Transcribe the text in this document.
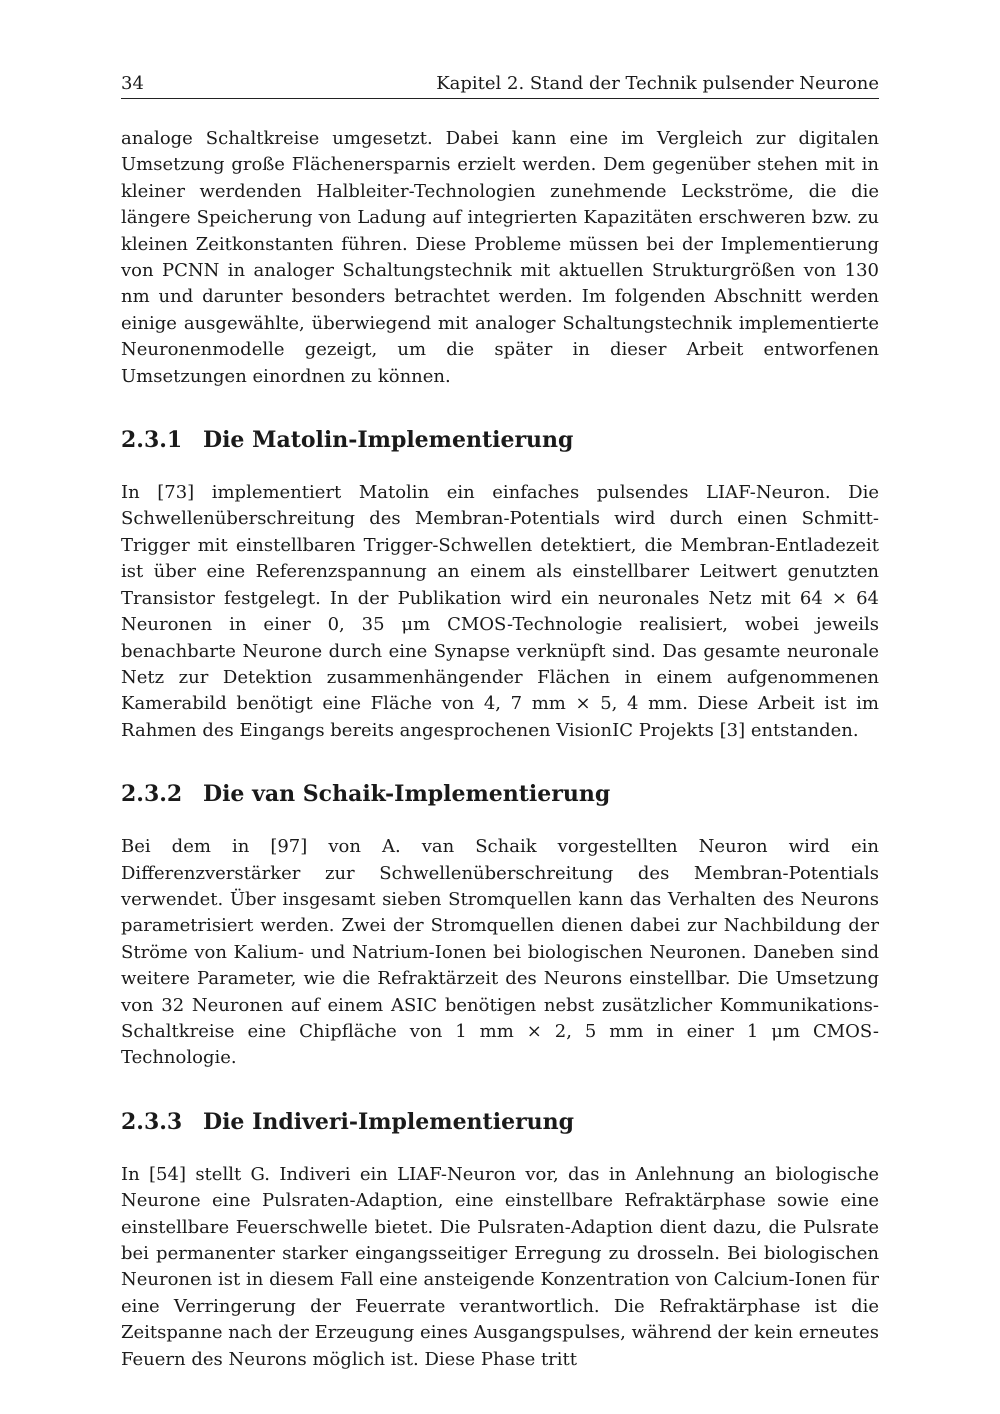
34	Kapitel 2. Stand der Technik pulsender Neurone

analoge Schaltkreise umgesetzt. Dabei kann eine im Vergleich zur digitalen Umsetzung große Flächenersparnis erzielt werden. Dem gegenüber stehen mit in kleiner werdenden Halbleiter-Technologien zunehmende Leckströme, die die längere Speicherung von Ladung auf integrierten Kapazitäten erschweren bzw. zu kleinen Zeitkonstanten führen. Diese Probleme müssen bei der Implementierung von PCNN in analoger Schaltungstechnik mit aktuellen Strukturgrößen von 130 nm und darunter besonders betrachtet werden. Im folgenden Abschnitt werden einige ausgewählte, überwiegend mit analoger Schaltungstechnik implementierte Neuronenmodelle gezeigt, um die später in dieser Arbeit entworfenen Umsetzungen einordnen zu können.

2.3.1 Die Matolin-Implementierung

In [73] implementiert Matolin ein einfaches pulsendes LIAF-Neuron. Die Schwellenüberschreitung des Membran-Potentials wird durch einen Schmitt-Trigger mit einstellbaren Trigger-Schwellen detektiert, die Membran-Entladezeit ist über eine Referenzspannung an einem als einstellbarer Leitwert genutzten Transistor festgelegt. In der Publikation wird ein neuronales Netz mit 64 × 64 Neuronen in einer 0, 35 μm CMOS-Technologie realisiert, wobei jeweils benachbarte Neurone durch eine Synapse verknüpft sind. Das gesamte neuronale Netz zur Detektion zusammenhängender Flächen in einem aufgenommenen Kamerabild benötigt eine Fläche von 4, 7 mm × 5, 4 mm. Diese Arbeit ist im Rahmen des Eingangs bereits angesprochenen VisionIC Projekts [3] entstanden.

2.3.2 Die van Schaik-Implementierung

Bei dem in [97] von A. van Schaik vorgestellten Neuron wird ein Differenzverstärker zur Schwellenüberschreitung des Membran-Potentials verwendet. Über insgesamt sieben Stromquellen kann das Verhalten des Neurons parametrisiert werden. Zwei der Stromquellen dienen dabei zur Nachbildung der Ströme von Kalium- und Natrium-Ionen bei biologischen Neuronen. Daneben sind weitere Parameter, wie die Refraktärzeit des Neurons einstellbar. Die Umsetzung von 32 Neuronen auf einem ASIC benötigen nebst zusätzlicher Kommunikations-Schaltkreise eine Chipfläche von 1 mm × 2, 5 mm in einer 1 μm CMOS-Technologie.

2.3.3 Die Indiveri-Implementierung

In [54] stellt G. Indiveri ein LIAF-Neuron vor, das in Anlehnung an biologische Neurone eine Pulsraten-Adaption, eine einstellbare Refraktärphase sowie eine einstellbare Feuerschwelle bietet. Die Pulsraten-Adaption dient dazu, die Pulsrate bei permanenter starker eingangsseitiger Erregung zu drosseln. Bei biologischen Neuronen ist in diesem Fall eine ansteigende Konzentration von Calcium-Ionen für eine Verringerung der Feuerrate verantwortlich. Die Refraktärphase ist die Zeitspanne nach der Erzeugung eines Ausgangspulses, während der kein erneutes Feuern des Neurons möglich ist. Diese Phase tritt
